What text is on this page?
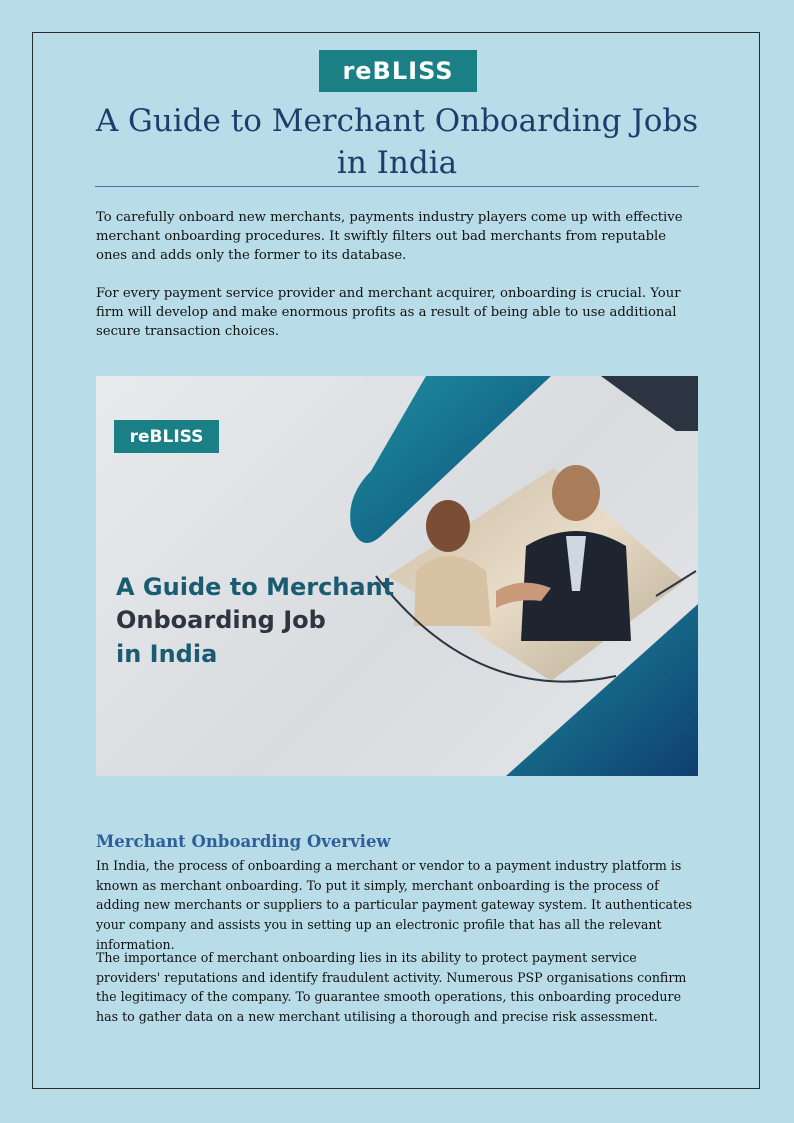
reBLISS
A Guide to Merchant Onboarding Jobs in India

To carefully onboard new merchants, payments industry players come up with effective merchant onboarding procedures. It swiftly filters out bad merchants from reputable ones and adds only the former to its database.

For every payment service provider and merchant acquirer, onboarding is crucial. Your firm will develop and make enormous profits as a result of being able to use additional secure transaction choices.

reBLISS
A Guide to Merchant
Onboarding Job
in India
Merchant Onboarding Overview

In India, the process of onboarding a merchant or vendor to a payment industry platform is known as merchant onboarding. To put it simply, merchant onboarding is the process of adding new merchants or suppliers to a particular payment gateway system. It authenticates your company and assists you in setting up an electronic profile that has all the relevant information.

The importance of merchant onboarding lies in its ability to protect payment service providers' reputations and identify fraudulent activity. Numerous PSP organisations confirm the legitimacy of the company. To guarantee smooth operations, this onboarding procedure has to gather data on a new merchant utilising a thorough and precise risk assessment.
